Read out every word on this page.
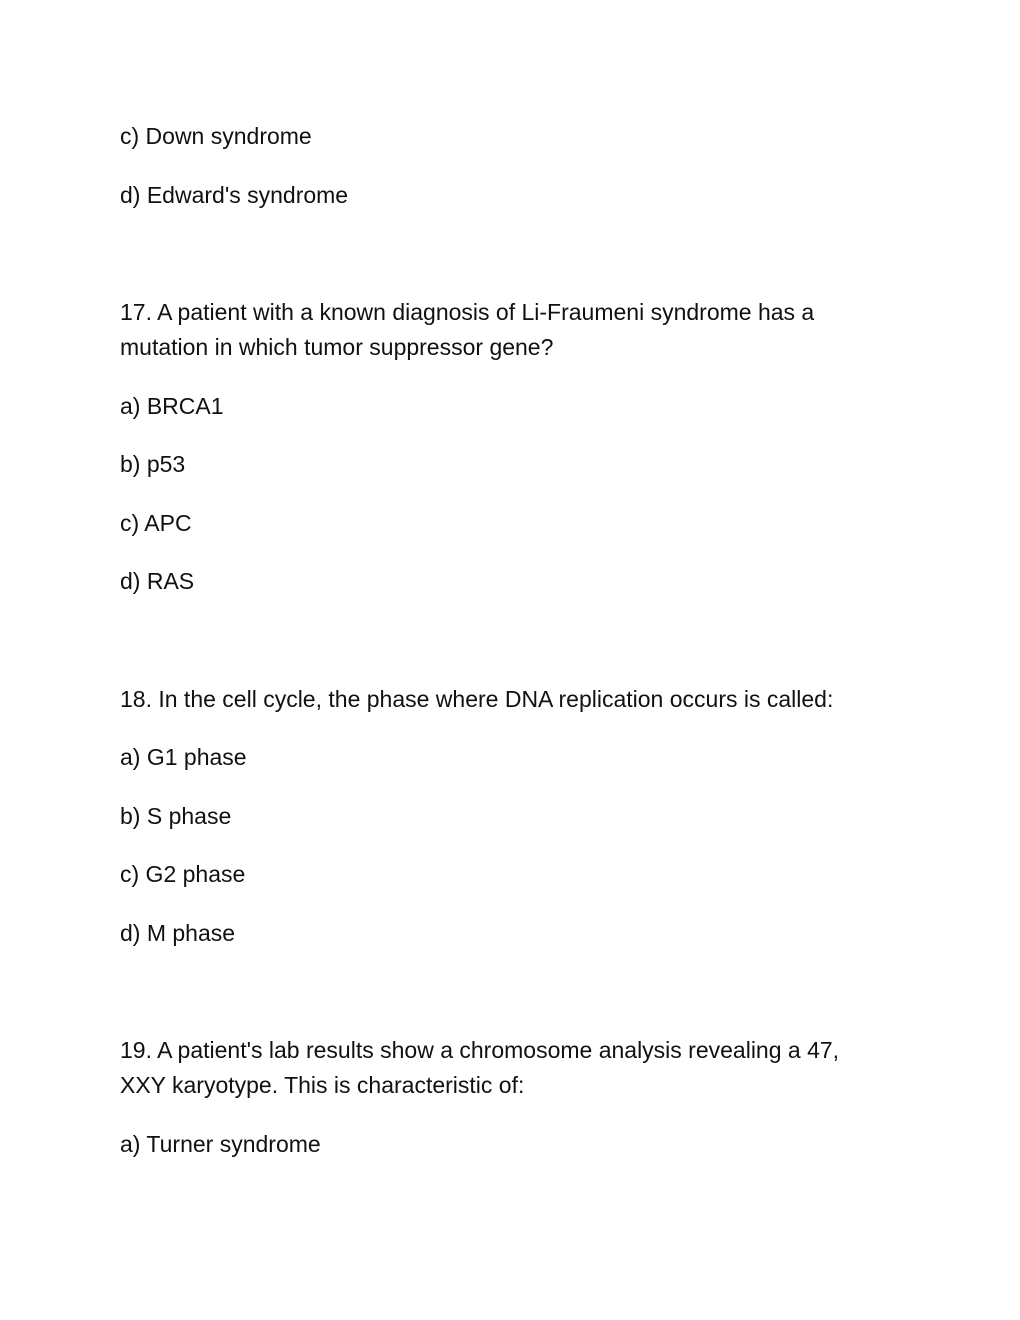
c) Down syndrome
d) Edward's syndrome
17. A patient with a known diagnosis of Li-Fraumeni syndrome has a
mutation in which tumor suppressor gene?
a) BRCA1
b) p53
c) APC
d) RAS
18. In the cell cycle, the phase where DNA replication occurs is called:
a) G1 phase
b) S phase
c) G2 phase
d) M phase
19. A patient's lab results show a chromosome analysis revealing a 47,
XXY karyotype. This is characteristic of:
a) Turner syndrome
